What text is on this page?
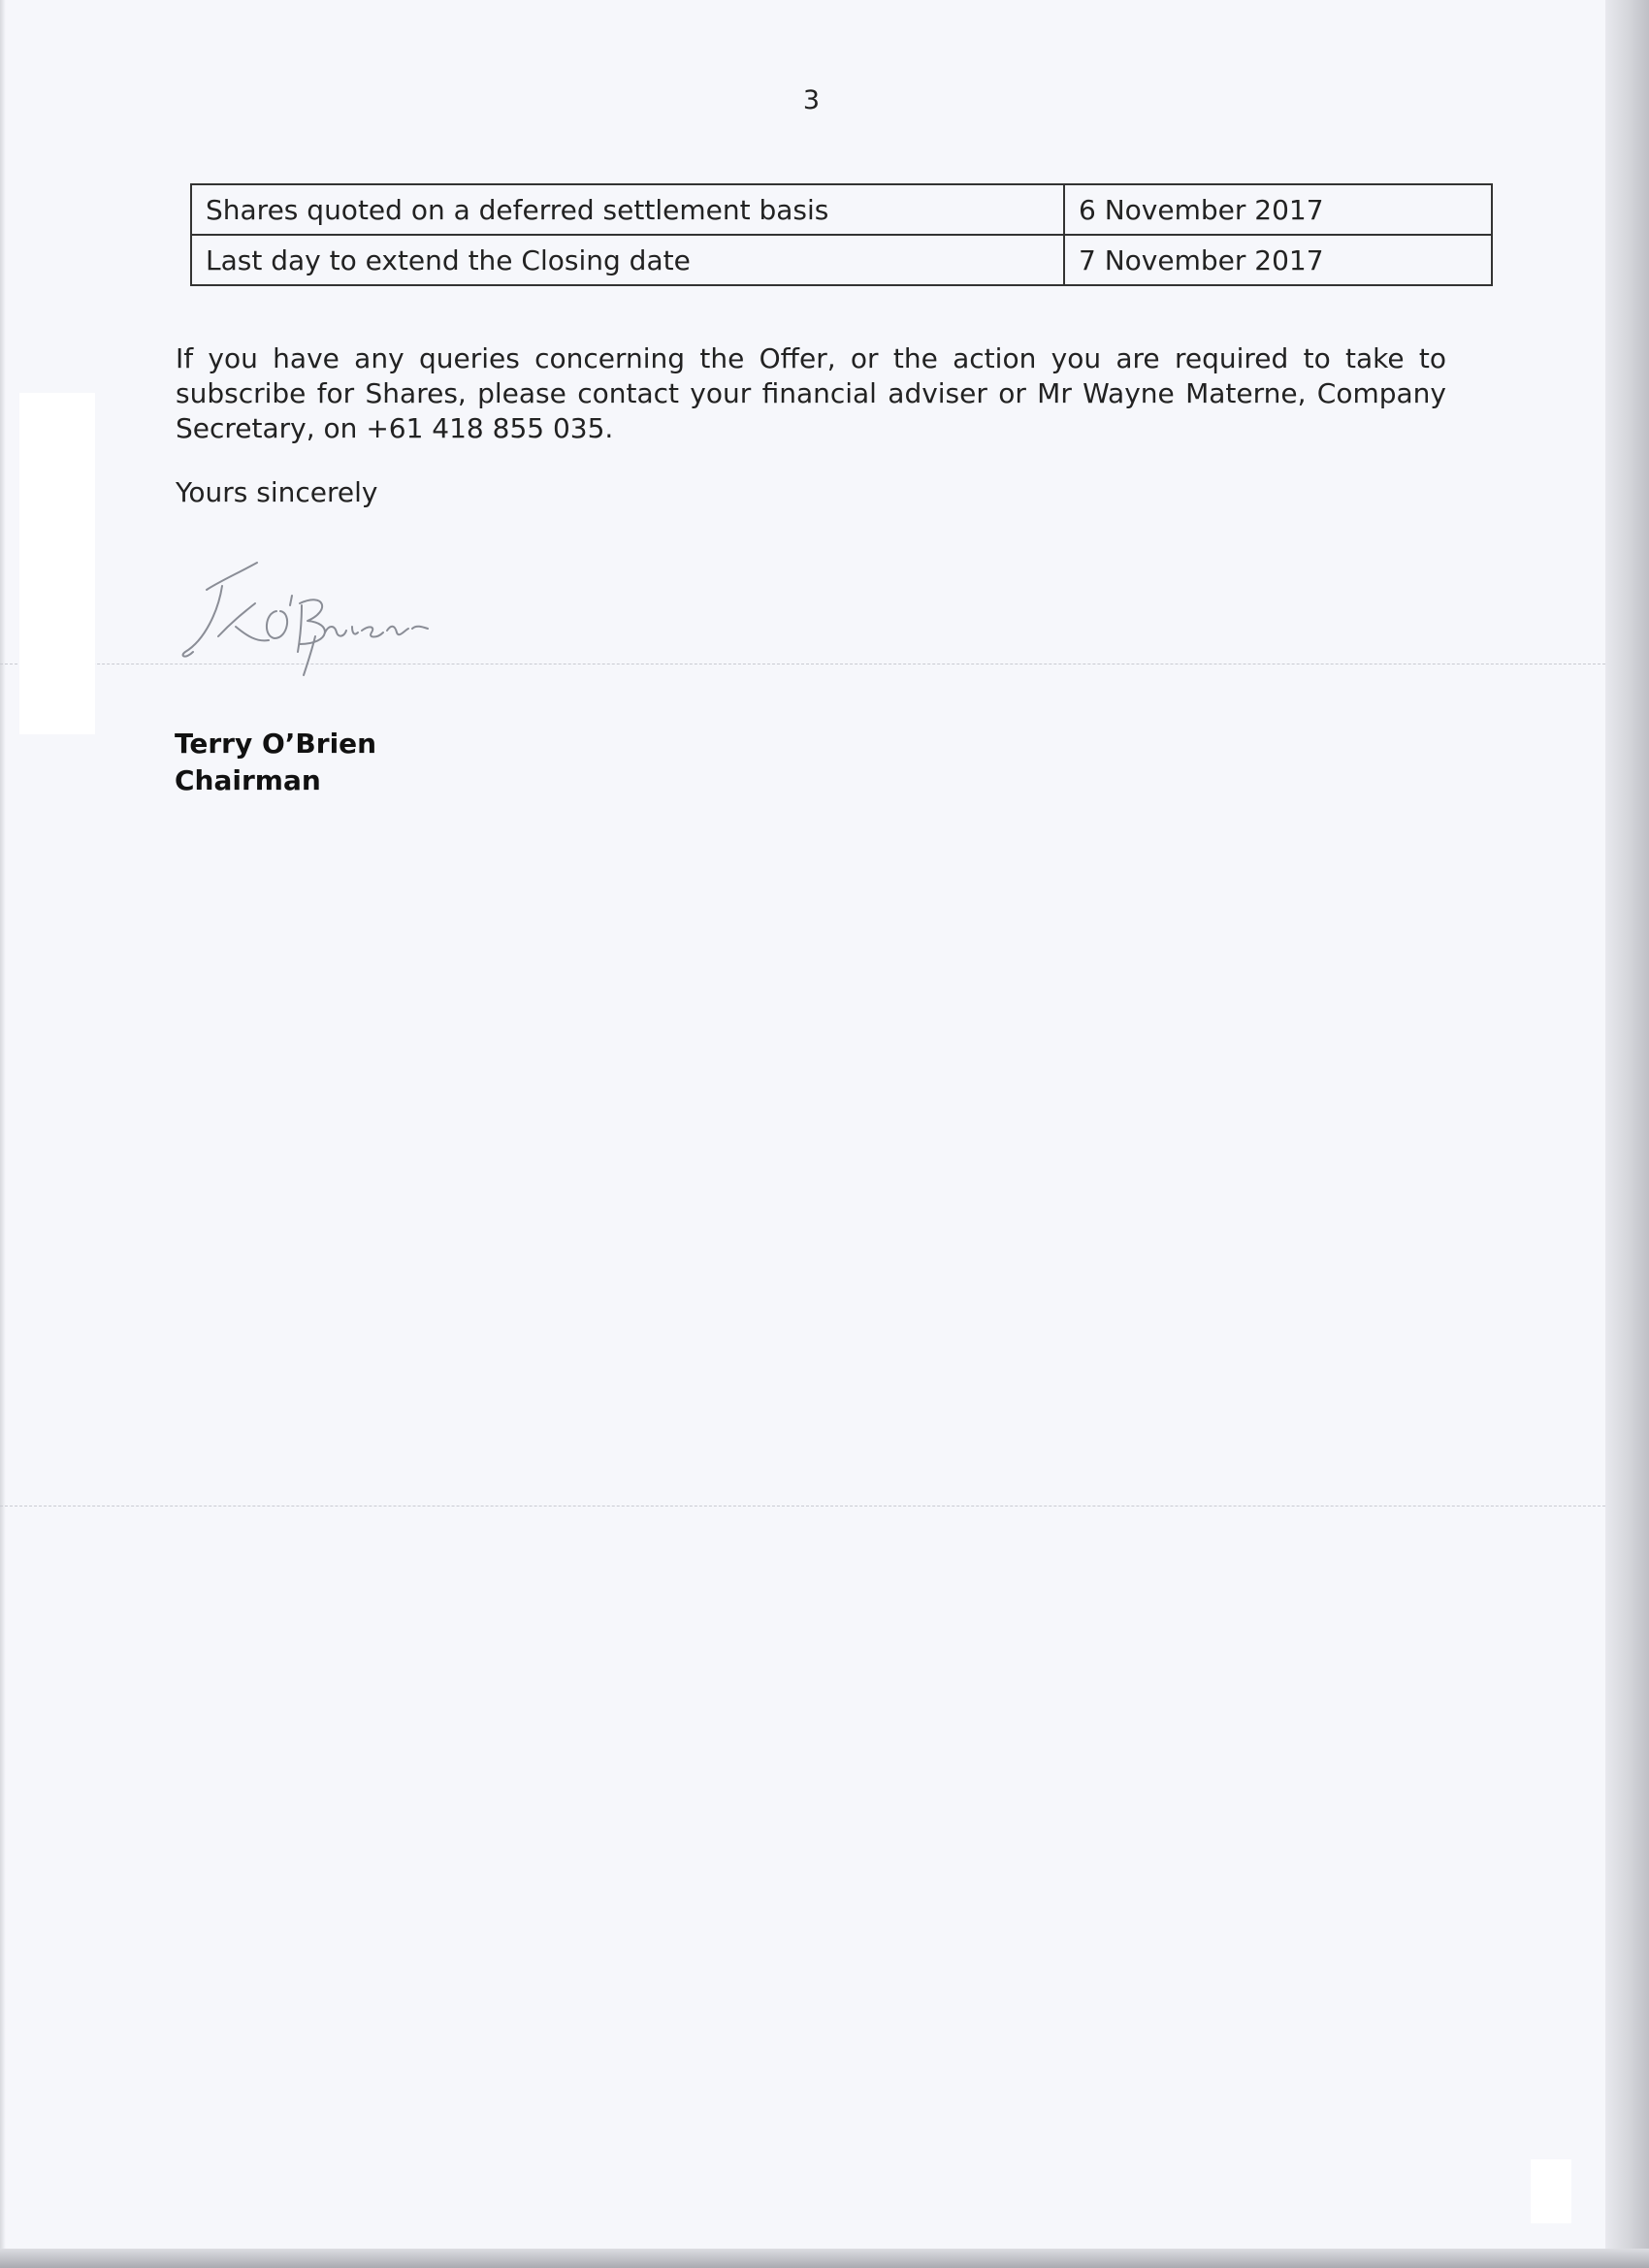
3
Shares quoted on a deferred settlement basis	6 November 2017
Last day to extend the Closing date	7 November 2017

If you have any queries concerning the Offer, or the action you are required to take to subscribe for Shares, please contact your financial adviser or Mr Wayne Materne, Company Secretary, on +61 418 855 035.

Yours sincerely
Terry O’Brien
Chairman
